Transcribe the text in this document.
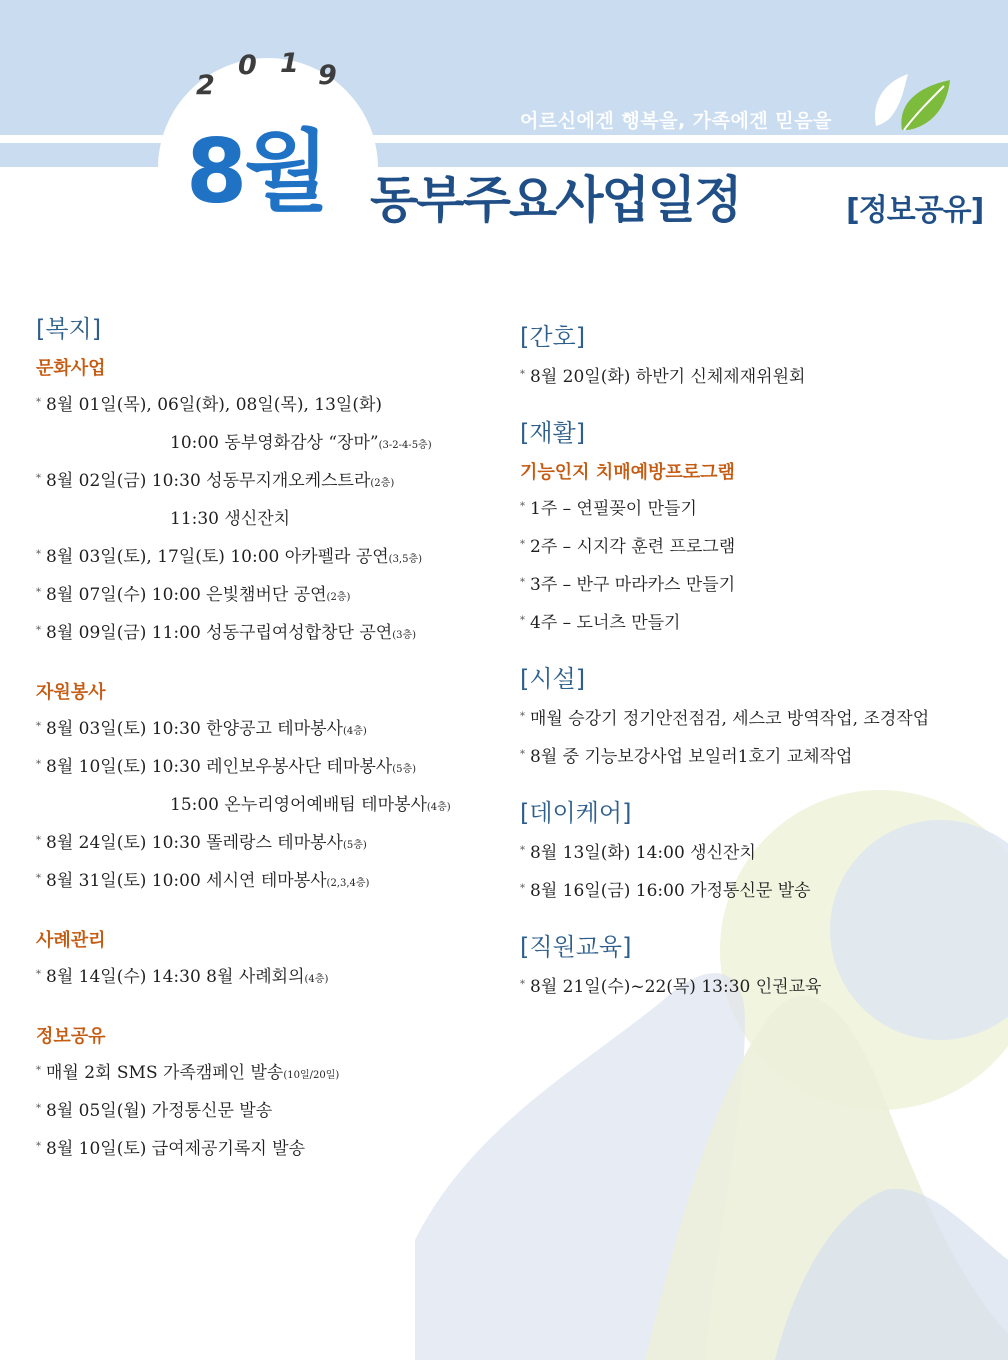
2
0 1 9
어르신에겐 행복을, 가족에겐 믿음을
8월 동부주요사업일정	[정보공유]
[복지]
문화사업
* 8월 01일(목), 06일(화), 08일(목), 13일(화)
10:00 동부영화감상 “장마”(3-2-4-5층)
* 8월 02일(금) 10:30 성동무지개오케스트라(2층)
11:30 생신잔치
* 8월 03일(토), 17일(토) 10:00 아카펠라 공연(3,5층)
* 8월 07일(수) 10:00 은빛챔버단 공연(2층)
* 8월 09일(금) 11:00 성동구립여성합창단 공연(3층)
자원봉사
* 8월 03일(토) 10:30 한양공고 테마봉사(4층)
* 8월 10일(토) 10:30 레인보우봉사단 테마봉사(5층)
15:00 온누리영어예배팀 테마봉사(4층)
* 8월 24일(토) 10:30 똘레랑스 테마봉사(5층)
* 8월 31일(토) 10:00 세시연 테마봉사(2,3,4층)
사례관리
* 8월 14일(수) 14:30 8월 사례회의(4층)
정보공유
* 매월 2회 SMS 가족캠페인 발송(10일/20일)
* 8월 05일(월) 가정통신문 발송
* 8월 10일(토) 급여제공기록지 발송
[간호]
* 8월 20일(화) 하반기 신체제재위원회
[재활]
기능인지 치매예방프로그램
* 1주 – 연필꽂이 만들기
* 2주 – 시지각 훈련 프로그램
* 3주 – 반구 마라카스 만들기
* 4주 – 도너츠 만들기
[시설]
* 매월 승강기 정기안전점검, 세스코 방역작업, 조경작업
* 8월 중 기능보강사업 보일러1호기 교체작업
[데이케어]
* 8월 13일(화) 14:00 생신잔치
* 8월 16일(금) 16:00 가정통신문 발송
[직원교육]
* 8월 21일(수)~22(목) 13:30 인권교육
